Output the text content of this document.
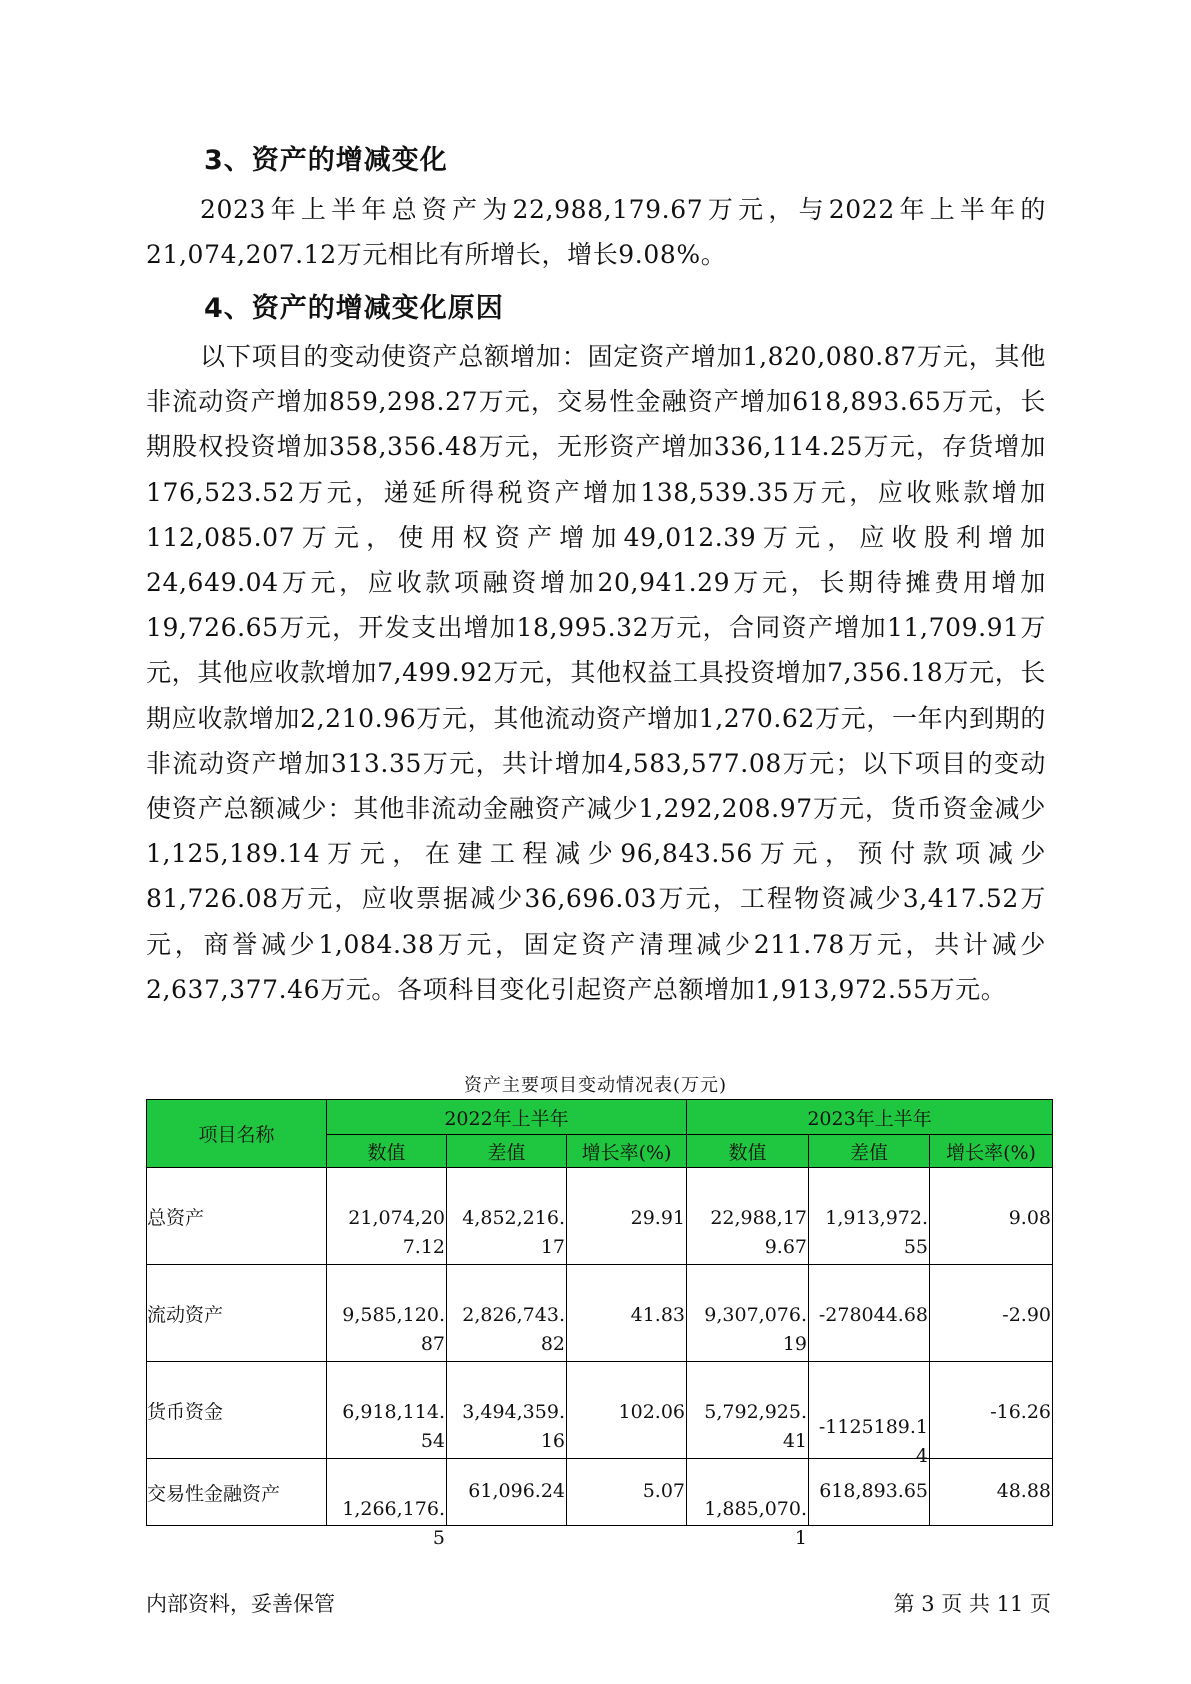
3、资产的增减变化
2023年上半年总资产为22,988,179.67万元，与2022年上半年的21,074,207.12万元相比有所增长，增长9.08%。
4、资产的增减变化原因
以下项目的变动使资产总额增加：固定资产增加1,820,080.87万元，其他非流动资产增加859,298.27万元，交易性金融资产增加618,893.65万元，长期股权投资增加358,356.48万元，无形资产增加336,114.25万元，存货增加176,523.52万元，递延所得税资产增加138,539.35万元，应收账款增加112,085.07万元，使用权资产增加49,012.39万元，应收股利增加24,649.04万元，应收款项融资增加20,941.29万元，长期待摊费用增加19,726.65万元，开发支出增加18,995.32万元，合同资产增加11,709.91万元，其他应收款增加7,499.92万元，其他权益工具投资增加7,356.18万元，长期应收款增加2,210.96万元，其他流动资产增加1,270.62万元，一年内到期的非流动资产增加313.35万元，共计增加4,583,577.08万元；以下项目的变动使资产总额减少：其他非流动金融资产减少1,292,208.97万元，货币资金减少1,125,189.14万元，在建工程减少96,843.56万元，预付款项减少81,726.08万元，应收票据减少36,696.03万元，工程物资减少3,417.52万元，商誉减少1,084.38万元，固定资产清理减少211.78万元，共计减少2,637,377.46万元。各项科目变化引起资产总额增加1,913,972.55万元。
资产主要项目变动情况表(万元)
项目名称	2022年上半年			2023年上半年		
	数值	差值	增长率(%)	数值	差值	增长率(%)
总资产	21,074,207.12	4,852,216.17	29.91	22,988,179.67	1,913,972.55	9.08

流动资产	9,585,120.87	2,826,743.82	41.83	9,307,076.19	-278044.68	-2.90

货币资金	6,918,114.54	3,494,359.16	102.06	5,792,925.41	-1125189.14	-16.26

交易性金融资产	1,266,176.5	61,096.24	5.07	1,885,070.1	618,893.65	48.88
内部资料，妥善保管	第 3 页 共 11 页
